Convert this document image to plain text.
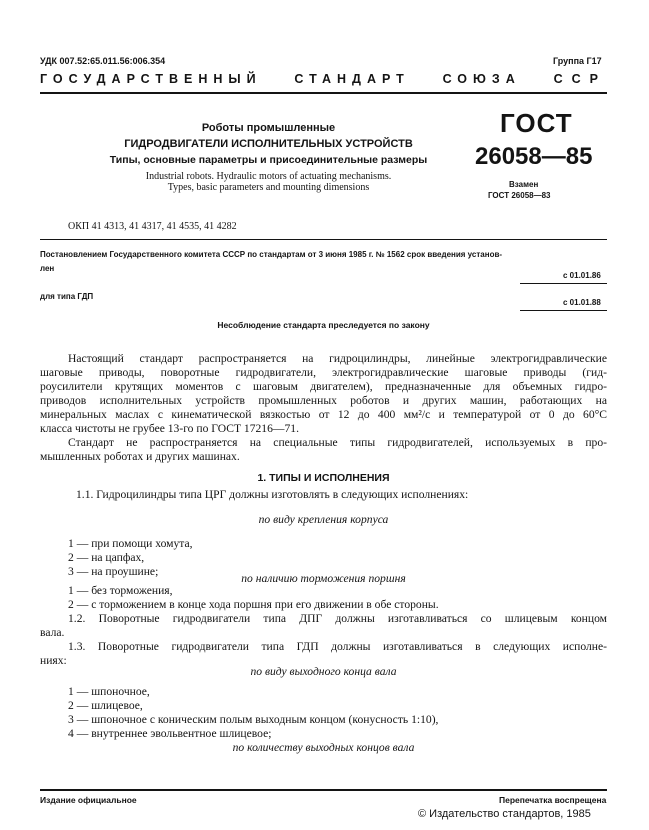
УДК 007.52:65.011.56:006.354	Группа Г17
ГОСУДАРСТВЕННЫЙ	СТАНДАРТ	СОЮЗА	ССР
Роботы промышленные
ГИДРОДВИГАТЕЛИ ИСПОЛНИТЕЛЬНЫХ УСТРОЙСТВ
Типы, основные параметры и присоединительные размеры
Industrial robots. Hydraulic motors of actuating mechanisms.
Types, basic parameters and mounting dimensions
ГОСТ
26058—85
Взамен
ГОСТ 26058—83
ОКП 41 4313, 41 4317, 41 4535, 41 4282
Постановлением Государственного комитета СССР по стандартам от 3 июня 1985 г. № 1562 срок введения установ-
лен
с 01.01.86
для типа ГДП
с 01.01.88
Несоблюдение стандарта преследуется по закону
Настоящий стандарт распространяется на гидроцилиндры, линейные электрогидравлические
шаговые приводы, поворотные гидродвигатели, электрогидравлические шаговые приводы (гид-
роусилители крутящих моментов с шаговым двигателем), предназначенные для объемных гидро-
приводов исполнительных устройств промышленных роботов и других машин, работающих на
минеральных маслах с кинематической вязкостью от 12 до 400 мм²/с и температурой от 0 до 60°С
класса чистоты не грубее 13-го по ГОСТ 17216—71.
Стандарт не распространяется на специальные типы гидродвигателей, используемых в про-
мышленных роботах и других машинах.
1. ТИПЫ И ИСПОЛНЕНИЯ
1.1. Гидроцилиндры типа ЦРГ должны изготовлять в следующих исполнениях:
по виду крепления корпуса
1 — при помощи хомута,
2 — на цапфах,
3 — на проушине;
по наличию торможения поршня
1 — без торможения,
2 — с торможением в конце хода поршня при его движении в обе стороны.
1.2. Поворотные гидродвигатели типа ДПГ должны изготавливаться со шлицевым концом
вала.
1.3. Поворотные гидродвигатели типа ГДП должны изготавливаться в следующих исполне-
ниях:
по виду выходного конца вала
1 — шпоночное,
2 — шлицевое,
3 — шпоночное с коническим полым выходным концом (конусность 1:10),
4 — внутреннее эвольвентное шлицевое;
по количеству выходных концов вала
Издание официальное	Перепечатка воспрещена
© Издательство стандартов, 1985
